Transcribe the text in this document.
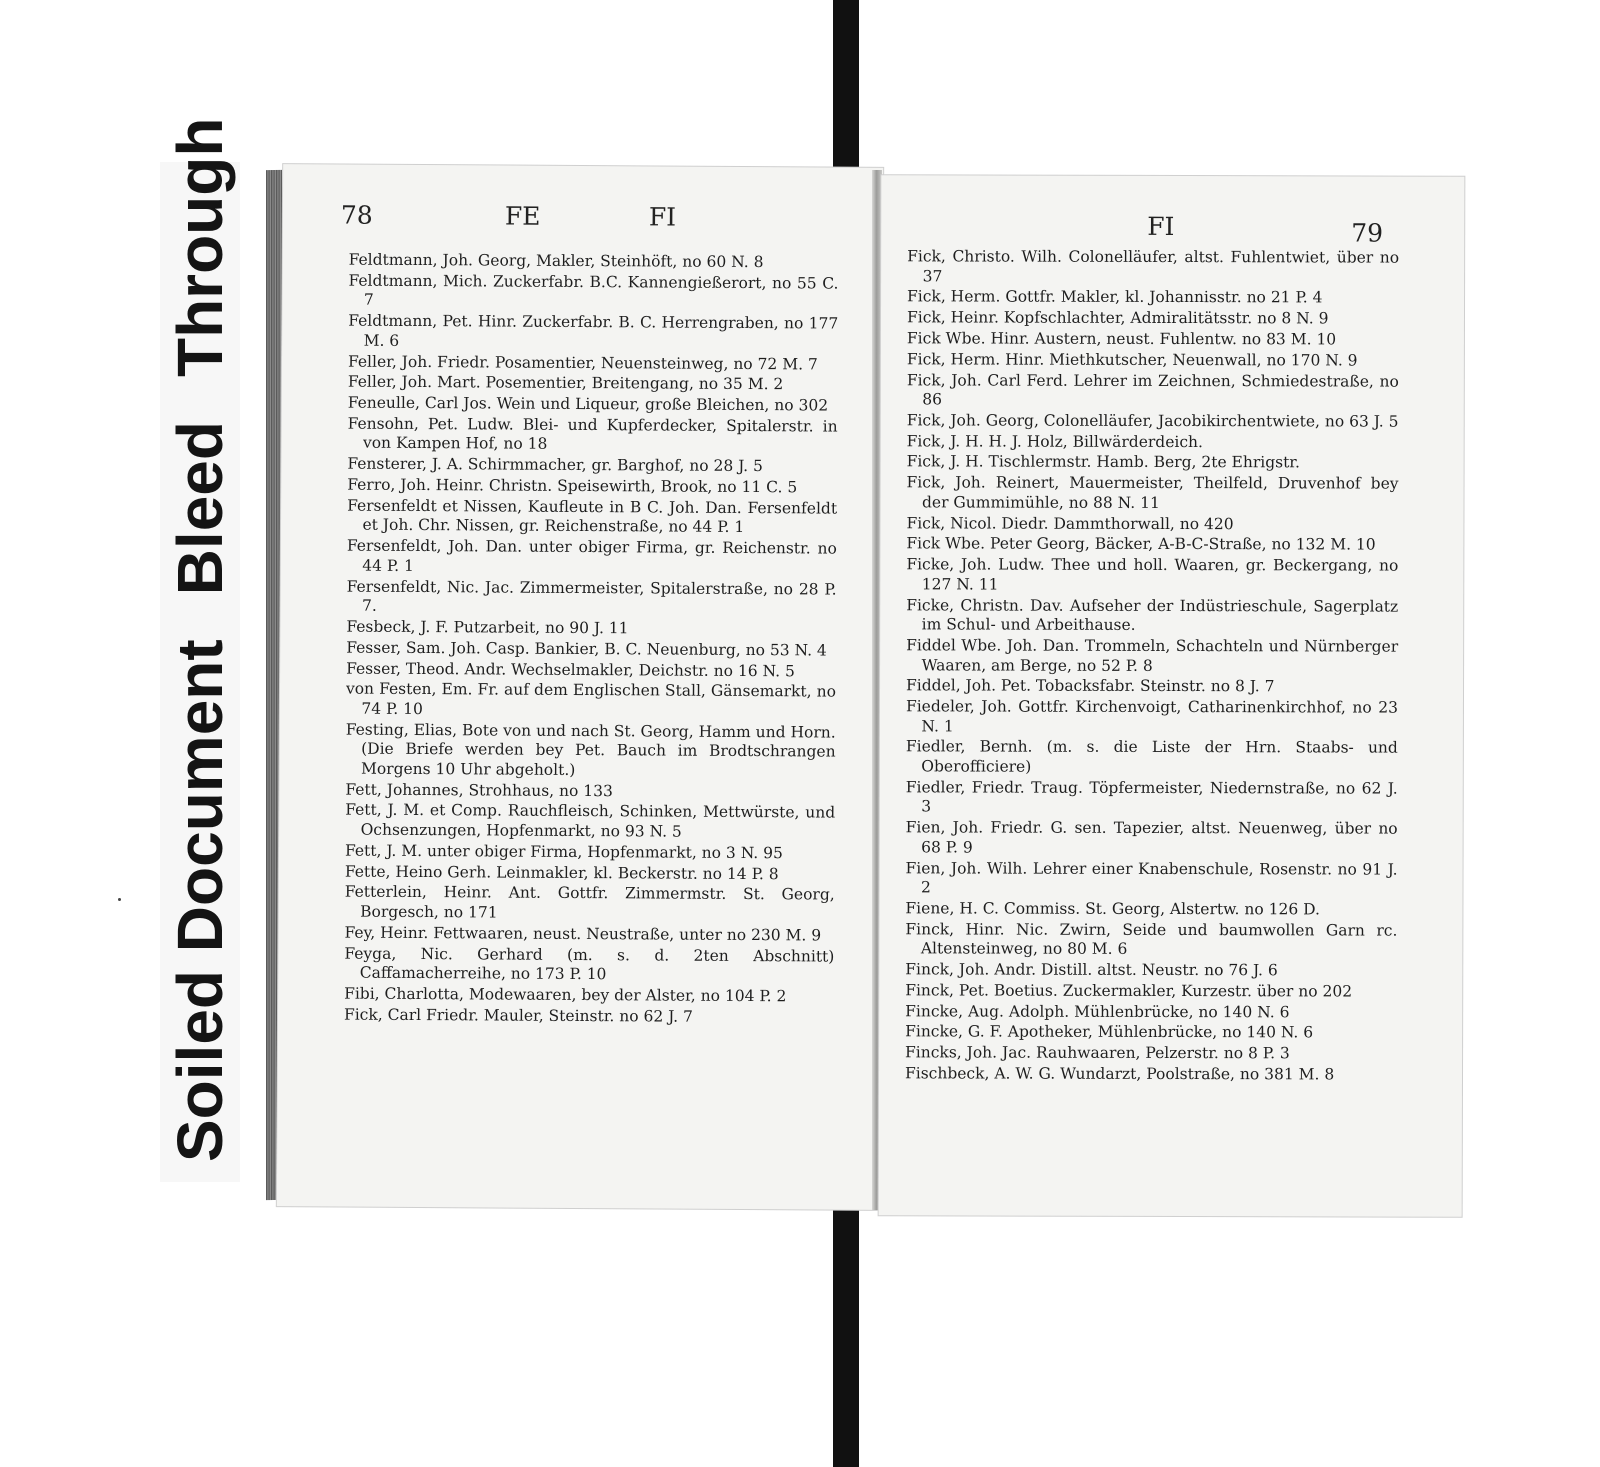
Soiled DocumentBleedThrough	78	FE	FI
Feldtmann, Joh. Georg, Makler, Steinhöft, no 60 N. 8
Feldtmann, Mich. Zuckerfabr. B.C. Kannengießerort, no 55 C. 7
Feldtmann, Pet. Hinr. Zuckerfabr. B. C. Herrengraben, no 177 M. 6
Feller, Joh. Friedr. Posamentier, Neuensteinweg, no 72 M. 7
Feller, Joh. Mart. Posementier, Breitengang, no 35 M. 2
Feneulle, Carl Jos. Wein und Liqueur, große Bleichen, no 302
Fensohn, Pet. Ludw. Blei- und Kupferdecker, Spitalerstr. in von Kampen Hof, no 18
Fensterer, J. A. Schirmmacher, gr. Barghof, no 28 J. 5
Ferro, Joh. Heinr. Christn. Speisewirth, Brook, no 11 C. 5
Fersenfeldt et Nissen, Kaufleute in B C. Joh. Dan. Fersenfeldt et Joh. Chr. Nissen, gr. Reichenstraße, no 44 P. 1
Fersenfeldt, Joh. Dan. unter obiger Firma, gr. Reichenstr. no 44 P. 1
Fersenfeldt, Nic. Jac. Zimmermeister, Spitalerstraße, no 28 P. 7.
Fesbeck, J. F. Putzarbeit, no 90 J. 11
Fesser, Sam. Joh. Casp. Bankier, B. C. Neuenburg, no 53 N. 4
Fesser, Theod. Andr. Wechselmakler, Deichstr. no 16 N. 5
von Festen, Em. Fr. auf dem Englischen Stall, Gänsemarkt, no 74 P. 10
Festing, Elias, Bote von und nach St. Georg, Hamm und Horn. (Die Briefe werden bey Pet. Bauch im Brodtschrangen Morgens 10 Uhr abgeholt.)
Fett, Johannes, Strohhaus, no 133
Fett, J. M. et Comp. Rauchfleisch, Schinken, Mettwürste, und Ochsenzungen, Hopfenmarkt, no 93 N. 5
Fett, J. M. unter obiger Firma, Hopfenmarkt, no 3 N. 95
Fette, Heino Gerh. Leinmakler, kl. Beckerstr. no 14 P. 8
Fetterlein, Heinr. Ant. Gottfr. Zimmermstr. St. Georg, Borgesch, no 171
Fey, Heinr. Fettwaaren, neust. Neustraße, unter no 230 M. 9
Feyga, Nic. Gerhard (m. s. d. 2ten Abschnitt) Caffamacherreihe, no 173 P. 10
Fibi, Charlotta, Modewaaren, bey der Alster, no 104 P. 2
Fick, Carl Friedr. Mauler, Steinstr. no 62 J. 7
FI	79
Fick, Christo. Wilh. Colonelläufer, altst. Fuhlentwiet, über no 37
Fick, Herm. Gottfr. Makler, kl. Johannisstr. no 21 P. 4
Fick, Heinr. Kopfschlachter, Admiralitätsstr. no 8 N. 9
Fick Wbe. Hinr. Austern, neust. Fuhlentw. no 83 M. 10
Fick, Herm. Hinr. Miethkutscher, Neuenwall, no 170 N. 9
Fick, Joh. Carl Ferd. Lehrer im Zeichnen, Schmiedestraße, no 86
Fick, Joh. Georg, Colonelläufer, Jacobikirchentwiete, no 63 J. 5
Fick, J. H. H. J. Holz, Billwärderdeich.
Fick, J. H. Tischlermstr. Hamb. Berg, 2te Ehrigstr.
Fick, Joh. Reinert, Mauermeister, Theilfeld, Druvenhof bey der Gummimühle, no 88 N. 11
Fick, Nicol. Diedr. Dammthorwall, no 420
Fick Wbe. Peter Georg, Bäcker, A-B-C-Straße, no 132 M. 10
Ficke, Joh. Ludw. Thee und holl. Waaren, gr. Beckergang, no 127 N. 11
Ficke, Christn. Dav. Aufseher der Indüstrieschule, Sagerplatz im Schul- und Arbeithause.
Fiddel Wbe. Joh. Dan. Trommeln, Schachteln und Nürnberger Waaren, am Berge, no 52 P. 8
Fiddel, Joh. Pet. Tobacksfabr. Steinstr. no 8 J. 7
Fiedeler, Joh. Gottfr. Kirchenvoigt, Catharinenkirchhof, no 23 N. 1
Fiedler, Bernh. (m. s. die Liste der Hrn. Staabs- und Oberofficiere)
Fiedler, Friedr. Traug. Töpfermeister, Niedernstraße, no 62 J. 3
Fien, Joh. Friedr. G. sen. Tapezier, altst. Neuenweg, über no 68 P. 9
Fien, Joh. Wilh. Lehrer einer Knabenschule, Rosenstr. no 91 J. 2
Fiene, H. C. Commiss. St. Georg, Alstertw. no 126 D.
Finck, Hinr. Nic. Zwirn, Seide und baumwollen Garn rc. Altensteinweg, no 80 M. 6
Finck, Joh. Andr. Distill. altst. Neustr. no 76 J. 6
Finck, Pet. Boetius. Zuckermakler, Kurzestr. über no 202
Fincke, Aug. Adolph. Mühlenbrücke, no 140 N. 6
Fincke, G. F. Apotheker, Mühlenbrücke, no 140 N. 6
Fincks, Joh. Jac. Rauhwaaren, Pelzerstr. no 8 P. 3
Fischbeck, A. W. G. Wundarzt, Poolstraße, no 381 M. 8
